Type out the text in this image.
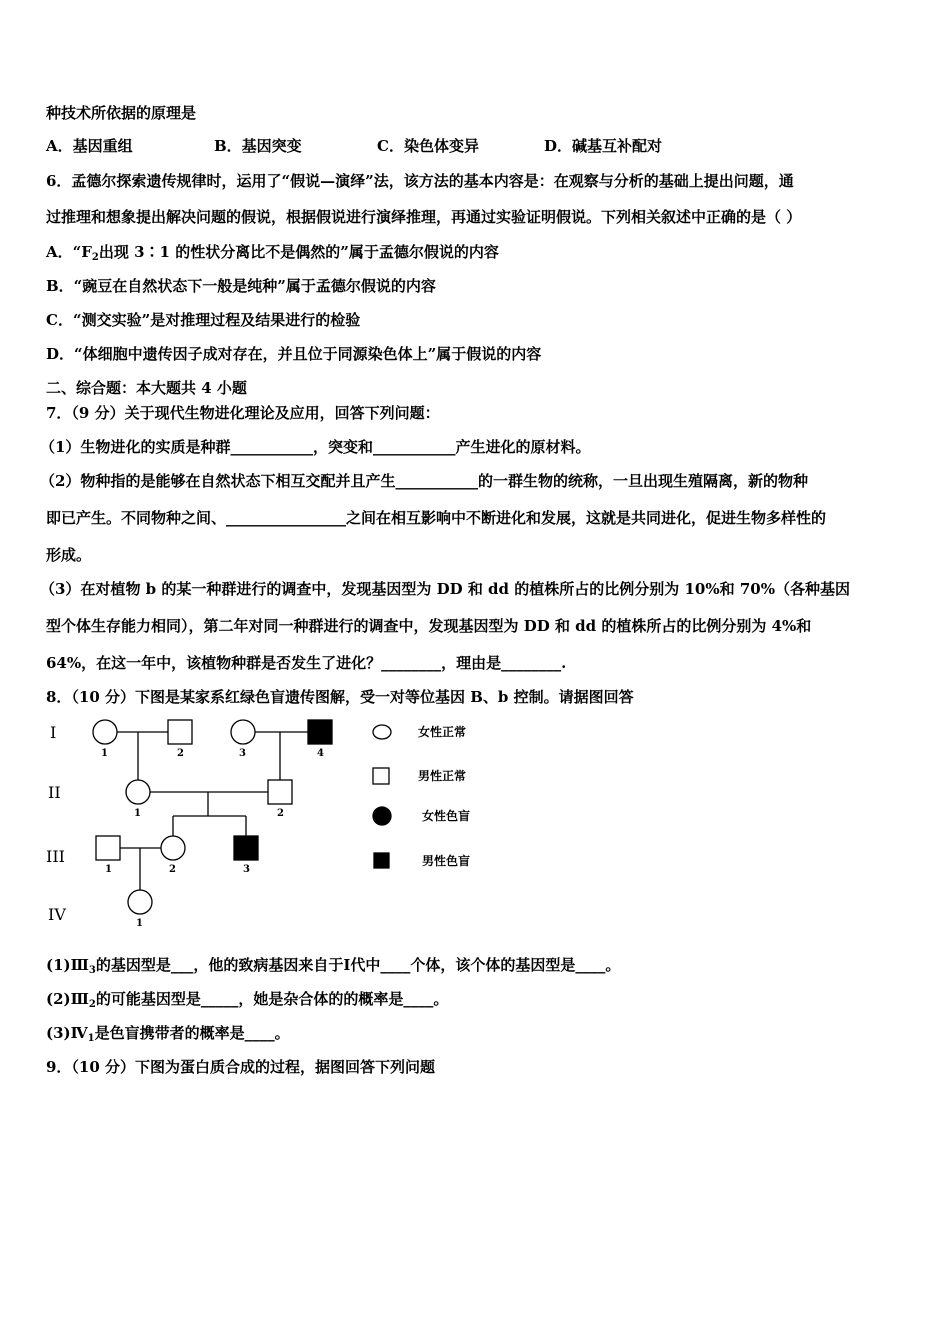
种技术所依据的原理是
A．基因重组	B．基因突变	C．染色体变异	D．碱基互补配对
6．孟德尔探索遗传规律时，运用了“假说—演绎”法，该方法的基本内容是：在观察与分析的基础上提出问题，通
过推理和想象提出解决问题的假说，根据假说进行演绎推理，再通过实验证明假说。下列相关叙述中正确的是（ ）
A．“$F_2$出现 3∶1 的性状分离比不是偶然的”属于孟德尔假说的内容
B．“豌豆在自然状态下一般是纯种”属于孟德尔假说的内容
C．“测交实验”是对推理过程及结果进行的检验
D．“体细胞中遗传因子成对存在，并且位于同源染色体上”属于假说的内容
二、综合题：本大题共 4 小题
7．（9 分）关于现代生物进化理论及应用，回答下列问题：
（1）生物进化的实质是种群___________，突变和___________产生进化的原材料。
（2）物种指的是能够在自然状态下相互交配并且产生___________的一群生物的统称，一旦出现生殖隔离，新的物种
即已产生。不同物种之间、________________之间在相互影响中不断进化和发展，这就是共同进化，促进生物多样性的
形成。
（3）在对植物 b 的某一种群进行的调查中，发现基因型为 DD 和 dd 的植株所占的比例分别为 10%和 70%（各种基因
型个体生存能力相同），第二年对同一种群进行的调查中，发现基因型为 DD 和 dd 的植株所占的比例分别为 4%和
64%，在这一年中，该植物种群是否发生了进化？________，理由是________.
8．（10 分）下图是某家系红绿色盲遗传图解，受一对等位基因 B、b 控制。请据图回答
I
II
III
IV
1	2	3	4
1	2
1	2	3
1
女性正常
男性正常
女性色盲
男性色盲
$(1)Ⅲ_3$的基因型是___，他的致病基因来自于Ⅰ代中____个体，该个体的基因型是____。
$(2)Ⅲ_2$的可能基因型是_____，她是杂合体的的概率是____。
$(3)Ⅳ_1$是色盲携带者的概率是____。
9．（10 分）下图为蛋白质合成的过程，据图回答下列问题
